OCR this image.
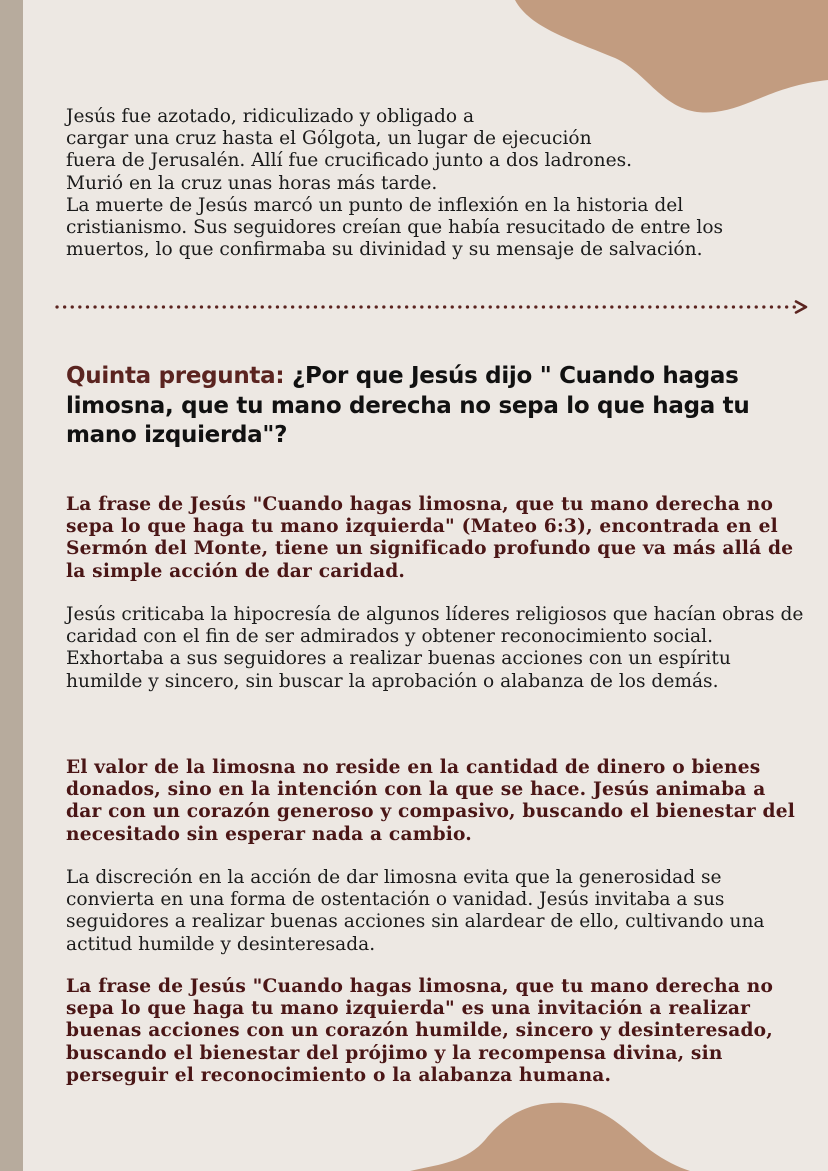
Jesús fue azotado, ridiculizado y obligado a
cargar una cruz hasta el Gólgota, un lugar de ejecución
fuera de Jerusalén. Allí fue crucificado junto a dos ladrones.
Murió en la cruz unas horas más tarde.
La muerte de Jesús marcó un punto de inflexión en la historia del
cristianismo. Sus seguidores creían que había resucitado de entre los
muertos, lo que confirmaba su divinidad y su mensaje de salvación.
Quinta pregunta: ¿Por que Jesús dijo " Cuando hagas limosna, que tu mano derecha no sepa lo que haga tu mano izquierda"?

La frase de Jesús "Cuando hagas limosna, que tu mano derecha no sepa lo que haga tu mano izquierda" (Mateo 6:3), encontrada en el Sermón del Monte, tiene un significado profundo que va más allá de la simple acción de dar caridad.

Jesús criticaba la hipocresía de algunos líderes religiosos que hacían obras de caridad con el fin de ser admirados y obtener reconocimiento social. Exhortaba a sus seguidores a realizar buenas acciones con un espíritu humilde y sincero, sin buscar la aprobación o alabanza de los demás.

El valor de la limosna no reside en la cantidad de dinero o bienes donados, sino en la intención con la que se hace. Jesús animaba a dar con un corazón generoso y compasivo, buscando el bienestar del necesitado sin esperar nada a cambio.

La discreción en la acción de dar limosna evita que la generosidad se convierta en una forma de ostentación o vanidad. Jesús invitaba a sus seguidores a realizar buenas acciones sin alardear de ello, cultivando una actitud humilde y desinteresada.

La frase de Jesús "Cuando hagas limosna, que tu mano derecha no sepa lo que haga tu mano izquierda" es una invitación a realizar buenas acciones con un corazón humilde, sincero y desinteresado, buscando el bienestar del prójimo y la recompensa divina, sin perseguir el reconocimiento o la alabanza humana.
